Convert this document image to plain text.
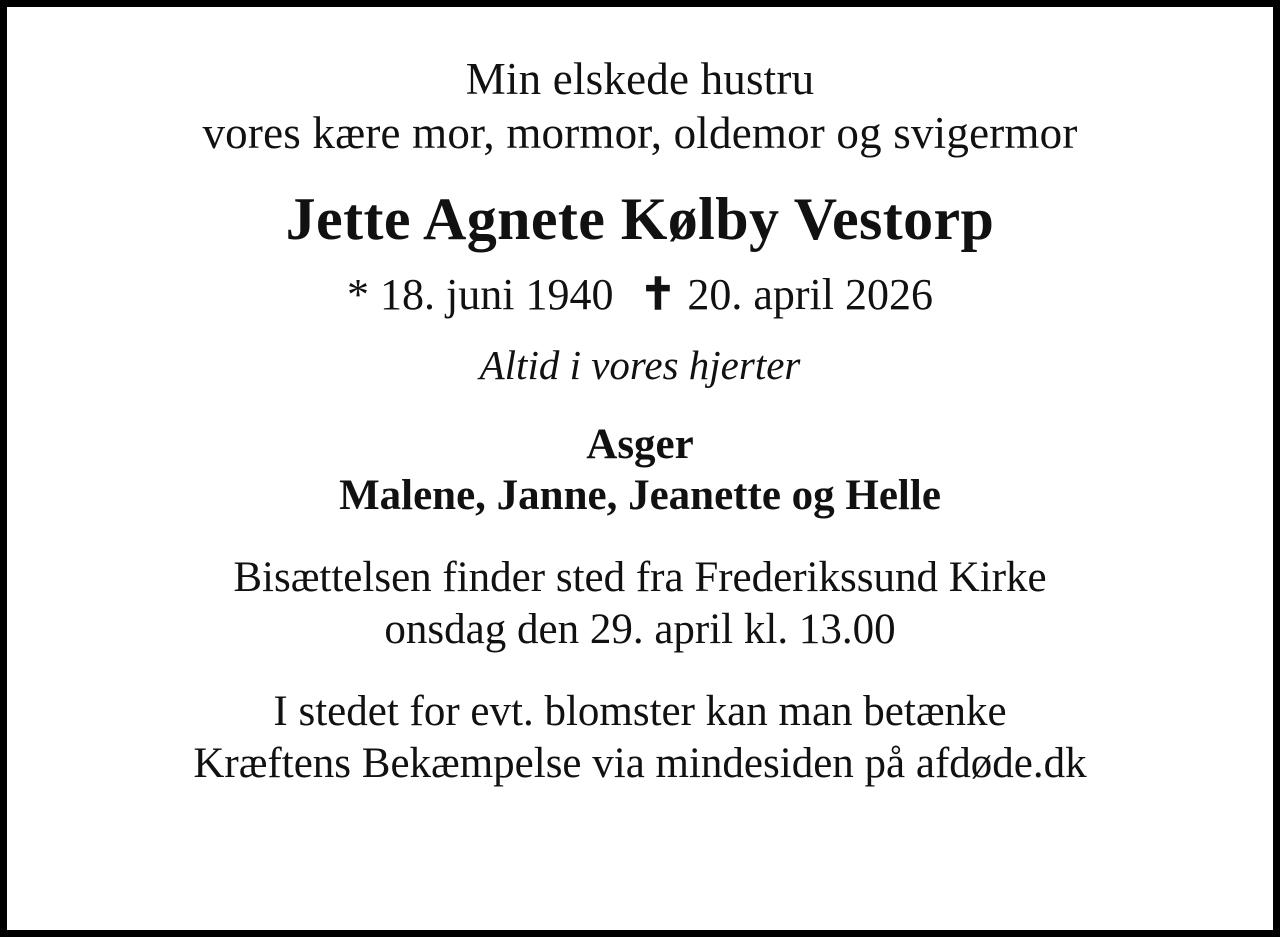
Min elskede hustru
vores kære mor, mormor, oldemor og svigermor
Jette Agnete Kølby Vestorp
* 18. juni 1940 ✝ 20. april 2026
Altid i vores hjerter
Asger
Malene, Janne, Jeanette og Helle
Bisættelsen finder sted fra Frederikssund Kirke
onsdag den 29. april kl. 13.00
I stedet for evt. blomster kan man betænke
Kræftens Bekæmpelse via mindesiden på afdøde.dk
